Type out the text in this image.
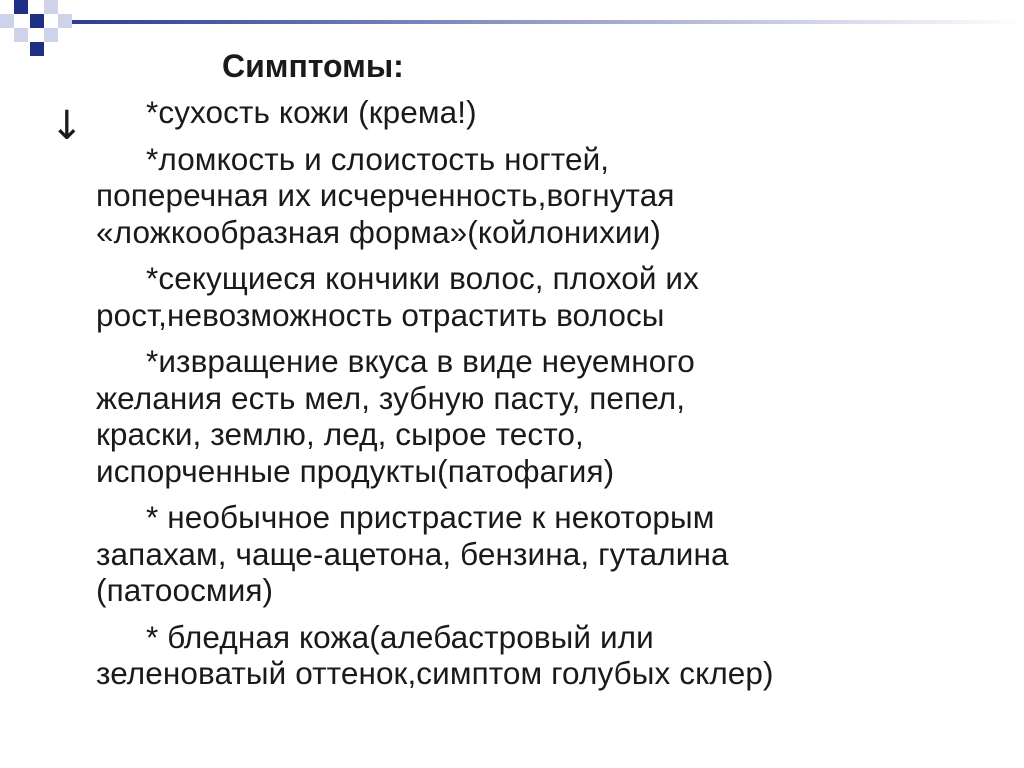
↓
Симптомы:
*сухость кожи (крема!)
*ломкость и слоистость ногтей,
поперечная их исчерченность,вогнутая
«ложкообразная форма»(койлонихии)
*секущиеся кончики волос, плохой их
рост,невозможность отрастить волосы
*извращение вкуса в виде неуемного
желания есть мел, зубную пасту, пепел,
краски, землю, лед, сырое тесто,
испорченные продукты(патофагия)
* необычное пристрастие к некоторым
запахам, чаще-ацетона, бензина, гуталина
(патоосмия)
* бледная кожа(алебастровый или
зеленоватый оттенок,симптом голубых склер)
